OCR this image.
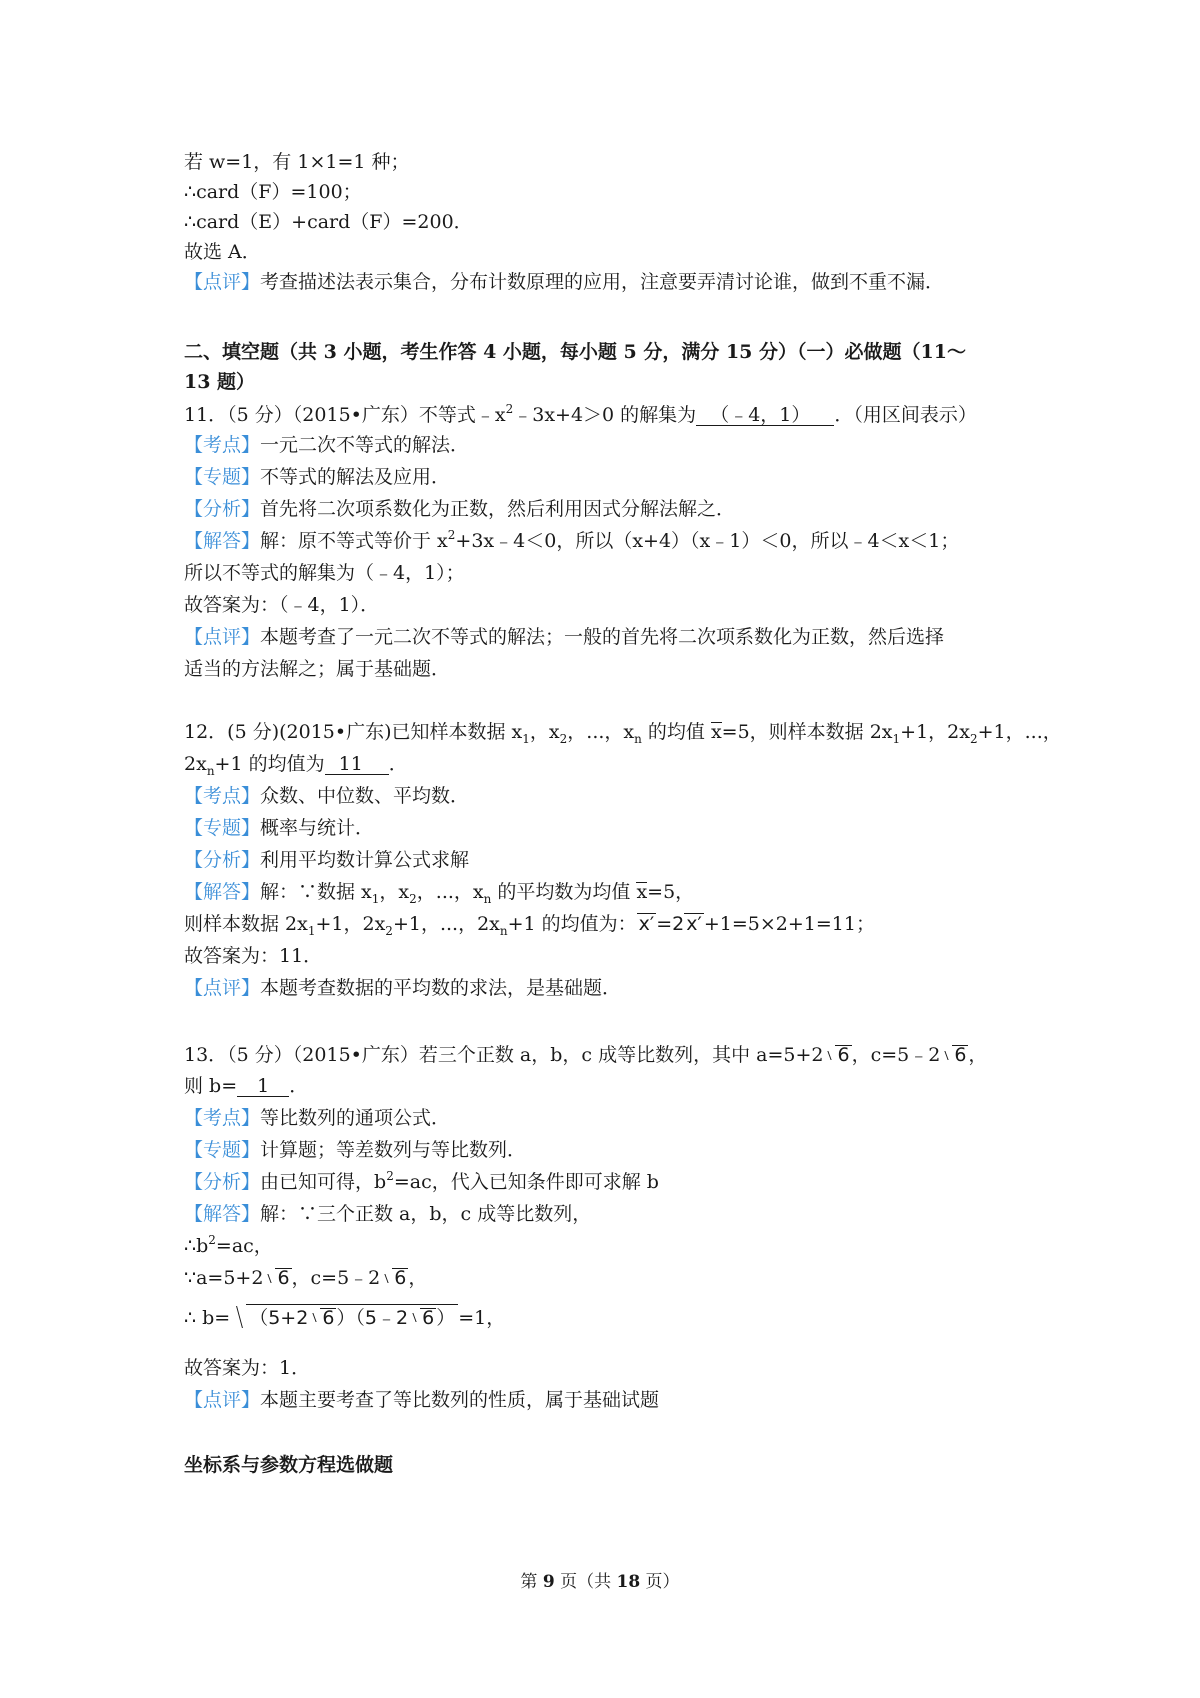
若 w=1，有 1×1=1 种；
∴card（F）=100；
∴card（E）+card（F）=200．
故选 A．
【点评】考查描述法表示集合，分布计数原理的应用，注意要弄清讨论谁，做到不重不漏．
二、填空题（共 3 小题，考生作答 4 小题，每小题 5 分，满分 15 分）（一）必做题（11～
13 题）
11．（5 分）（2015•广东）不等式$﹣x^2﹣3x+4>0$ 的解集为 （﹣4，1） ．（用区间表示）
【考点】一元二次不等式的解法．
【专题】不等式的解法及应用．
【分析】首先将二次项系数化为正数，然后利用因式分解法解之．
【解答】解：原不等式等价于 $x^2+3x﹣4<0$，所以（x+4）（x﹣1）＜0，所以﹣4＜x＜1；
所以不等式的解集为（﹣4，1）；
故答案为：（﹣4，1）．
【点评】本题考查了一元二次不等式的解法；一般的首先将二次项系数化为正数，然后选择
适当的方法解之；属于基础题．
12．(5 分)(2015•广东)已知样本数据 $x_1$，$x_2$，...，$x_n$ 的均值 x=5，则样本数据 $2x_1+1$，$2x_2+1$，...，
$2x_n+1$ 的均值为 11 ．
【考点】众数、中位数、平均数．
【专题】概率与统计．
【分析】利用平均数计算公式求解
【解答】解：∵数据 $x_1$，$x_2$，...，$x_n$ 的平均数为均值 x=5，
则样本数据 $2x_1+1$，$2x_2+1$，...，$2x_n+1$ 的均值为： x′ =2 x′ +1=5×2+1=11；
故答案为：11．
【点评】本题考查数据的平均数的求法，是基础题．
13．（5 分）（2015•广东）若三个正数 a，b，c 成等比数列，其中 a=5+2 6 ，c=5﹣2 6 ，
则 b= 1 ．
【考点】等比数列的通项公式．
【专题】计算题；等差数列与等比数列．
【分析】由已知可得，$b^2=ac$，代入已知条件即可求解 b
【解答】解：∵三个正数 a，b，c 成等比数列，
$\therefore b^2=ac$，
∵a=5+2 6 ，c=5﹣2 6 ，
∴ b= （5+2 6 ）（5﹣2 6 ） =1，
故答案为：1．
【点评】本题主要考查了等比数列的性质，属于基础试题
坐标系与参数方程选做题
第 9 页（共 18 页）
